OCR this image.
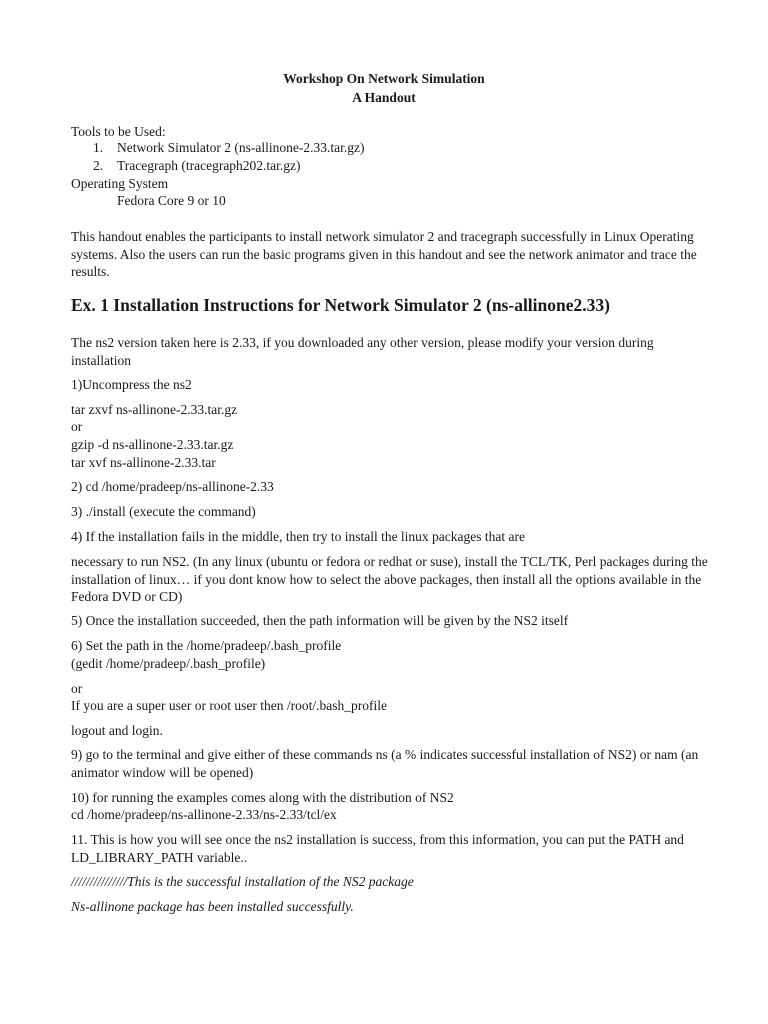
Workshop On Network Simulation
A Handout
Tools to be Used:
1. Network Simulator 2 (ns-allinone-2.33.tar.gz)
2. Tracegraph (tracegraph202.tar.gz)
Operating System
Fedora Core 9 or 10
This handout enables the participants to install network simulator 2 and tracegraph successfully in Linux Operating systems. Also the users can run the basic programs given in this handout and see the network animator and trace the results.
Ex. 1 Installation Instructions for Network Simulator 2 (ns-allinone2.33)
The ns2 version taken here is 2.33, if you downloaded any other version, please modify your version during installation
1)Uncompress the ns2
tar zxvf ns-allinone-2.33.tar.gz
or
gzip -d ns-allinone-2.33.tar.gz
tar xvf ns-allinone-2.33.tar
2) cd /home/pradeep/ns-allinone-2.33
3) ./install (execute the command)
4) If the installation fails in the middle, then try to install the linux packages that are
necessary to run NS2. (In any linux (ubuntu or fedora or redhat or suse), install the TCL/TK, Perl packages during the installation of linux… if you dont know how to select the above packages, then install all the options available in the Fedora DVD or CD)
5) Once the installation succeeded, then the path information will be given by the NS2 itself
6) Set the path in the /home/pradeep/.bash_profile
(gedit /home/pradeep/.bash_profile)
or
If you are a super user or root user then /root/.bash_profile
logout and login.
9) go to the terminal and give either of these commands ns (a % indicates successful installation of NS2) or nam (an animator window will be opened)
10) for running the examples comes along with the distribution of NS2
cd /home/pradeep/ns-allinone-2.33/ns-2.33/tcl/ex
11. This is how you will see once the ns2 installation is success, from this information, you can put the PATH and LD_LIBRARY_PATH variable..
///////////////This is the successful installation of the NS2 package
Ns-allinone package has been installed successfully.
